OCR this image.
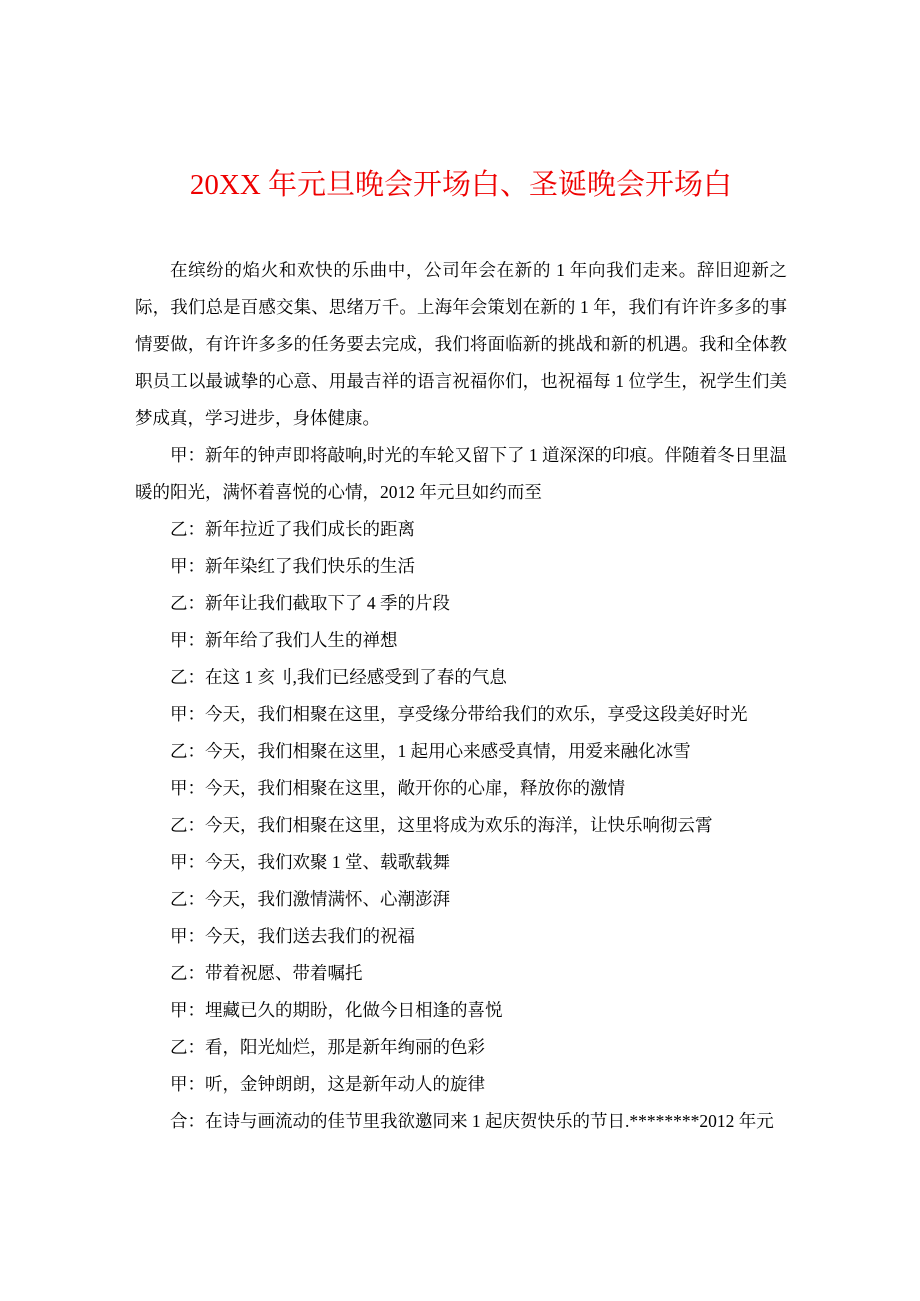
20XX 年元旦晚会开场白、圣诞晚会开场白

在缤纷的焰火和欢快的乐曲中，公司年会在新的 1 年向我们走来。辞旧迎新之际，我们总是百感交集、思绪万千。上海年会策划在新的 1 年，我们有许许多多的事情要做，有许许多多的任务要去完成，我们将面临新的挑战和新的机遇。我和全体教职员工以最诚挚的心意、用最吉祥的语言祝福你们，也祝福每 1 位学生，祝学生们美梦成真，学习进步，身体健康。

甲：新年的钟声即将敲响,时光的车轮又留下了 1 道深深的印痕。伴随着冬日里温暖的阳光，满怀着喜悦的心情，2012 年元旦如约而至

乙：新年拉近了我们成长的距离

甲：新年染红了我们快乐的生活

乙：新年让我们截取下了 4 季的片段

甲：新年给了我们人生的禅想

乙：在这 1 亥刂,我们已经感受到了春的气息

甲：今天，我们相聚在这里，享受缘分带给我们的欢乐，享受这段美好时光

乙：今天，我们相聚在这里，1 起用心来感受真情，用爱来融化冰雪

甲：今天，我们相聚在这里，敞开你的心扉，释放你的激情

乙：今天，我们相聚在这里，这里将成为欢乐的海洋，让快乐响彻云霄

甲：今天，我们欢聚 1 堂、载歌载舞

乙：今天，我们激情满怀、心潮澎湃

甲：今天，我们送去我们的祝福

乙：带着祝愿、带着嘱托

甲：埋藏已久的期盼，化做今日相逢的喜悦

乙：看，阳光灿烂，那是新年绚丽的色彩

甲：听，金钟朗朗，这是新年动人的旋律

合：在诗与画流动的佳节里我欲邀同来 1 起庆贺快乐的节日.********2012 年元
